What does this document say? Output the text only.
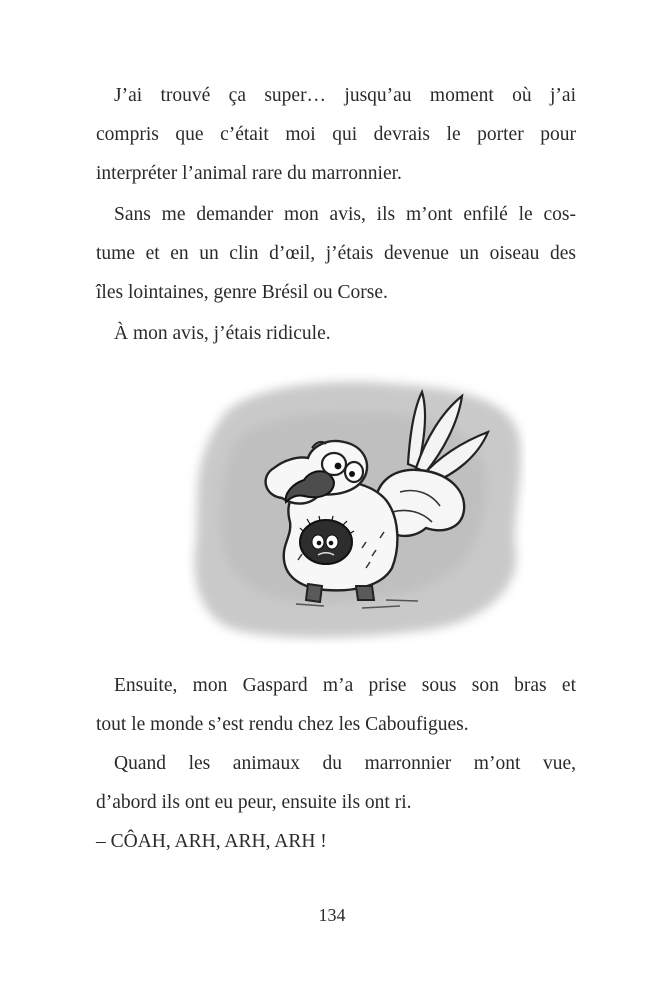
J’ai trouvé ça super… jusqu’au moment où j’ai
compris que c’était moi qui devrais le porter pour
interpréter l’animal rare du marronnier.

Sans me demander mon avis, ils m’ont enfilé le cos-
tume et en un clin d’œil, j’étais devenue un oiseau des
îles lointaines, genre Brésil ou Corse.

À mon avis, j’étais ridicule.

Ensuite, mon Gaspard m’a prise sous son bras et
tout le monde s’est rendu chez les Caboufigues.

Quand les animaux du marronnier m’ont vue,
d’abord ils ont eu peur, ensuite ils ont ri.

– CÔAH, ARH, ARH, ARH !

134
